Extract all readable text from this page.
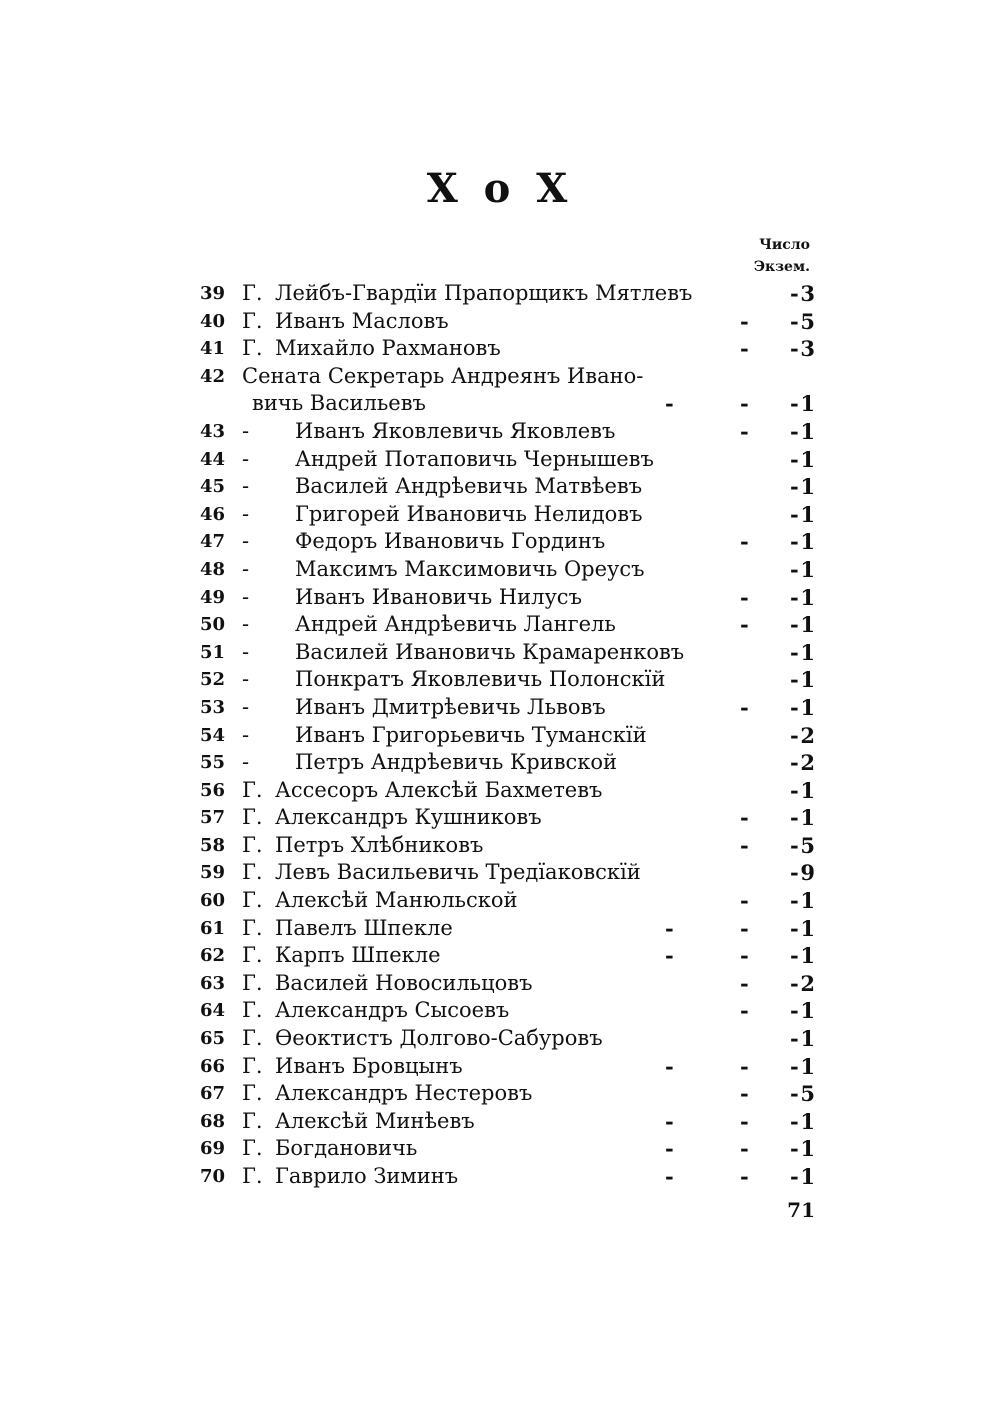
X o X
Число
Экзем.
39 Г. Лейбъ-Гвардїи Прапорщикъ Мятлевъ	- 3
40 Г. Иванъ Масловъ	- - 5
41 Г. Михайло Рахмановъ	- - 3
42 Сената Секретарь Андреянъ Ивано-
вичь Васильевъ	-	- - 1
43 -	Иванъ Яковлевичь Яковлевъ	- - 1
44 -	Андрей Потаповичь Чернышевъ	- 1
45 -	Василей Андрѣевичь Матвѣевъ	- 1
46 -	Григорей Ивановичь Нелидовъ	- 1
47 -	Федоръ Ивановичь Гординъ	- - 1
48 -	Максимъ Максимовичь Ореусъ	- 1
49 -	Иванъ Ивановичь Нилусъ	- - 1
50 -	Андрей Андрѣевичь Лангель	- - 1
51 -	Василей Ивановичь Крамаренковъ	- 1
52 -	Понкратъ Яковлевичь Полонскїй	- 1
53 -	Иванъ Дмитрѣевичь Львовъ	- - 1
54 -	Иванъ Григорьевичь Туманскїй	- 2
55 -	Петръ Андрѣевичь Кривской	- 2
56 Г. Ассесоръ Алексѣй Бахметевъ	- 1
57 Г. Александръ Кушниковъ	- - 1
58 Г. Петръ Хлѣбниковъ	- - 5
59 Г. Левъ Васильевичь Тредїаковскїй	- 9
60 Г. Алексѣй Манюльской	- - 1
61 Г. Павелъ Шпекле	-	- - 1
62 Г. Карпъ Шпекле	-	- - 1
63 Г. Василей Новосильцовъ	- - 2
64 Г. Александръ Сысоевъ	- - 1
65 Г. Ѳеоктистъ Долгово-Сабуровъ	- 1
66 Г. Иванъ Бровцынъ	-	- - 1
67 Г. Александръ Нестеровъ	- - 5
68 Г. Алексѣй Минѣевъ	-	- - 1
69 Г. Богдановичь	-	- - 1
70 Г. Гаврило Зиминъ	-	- - 1
71
